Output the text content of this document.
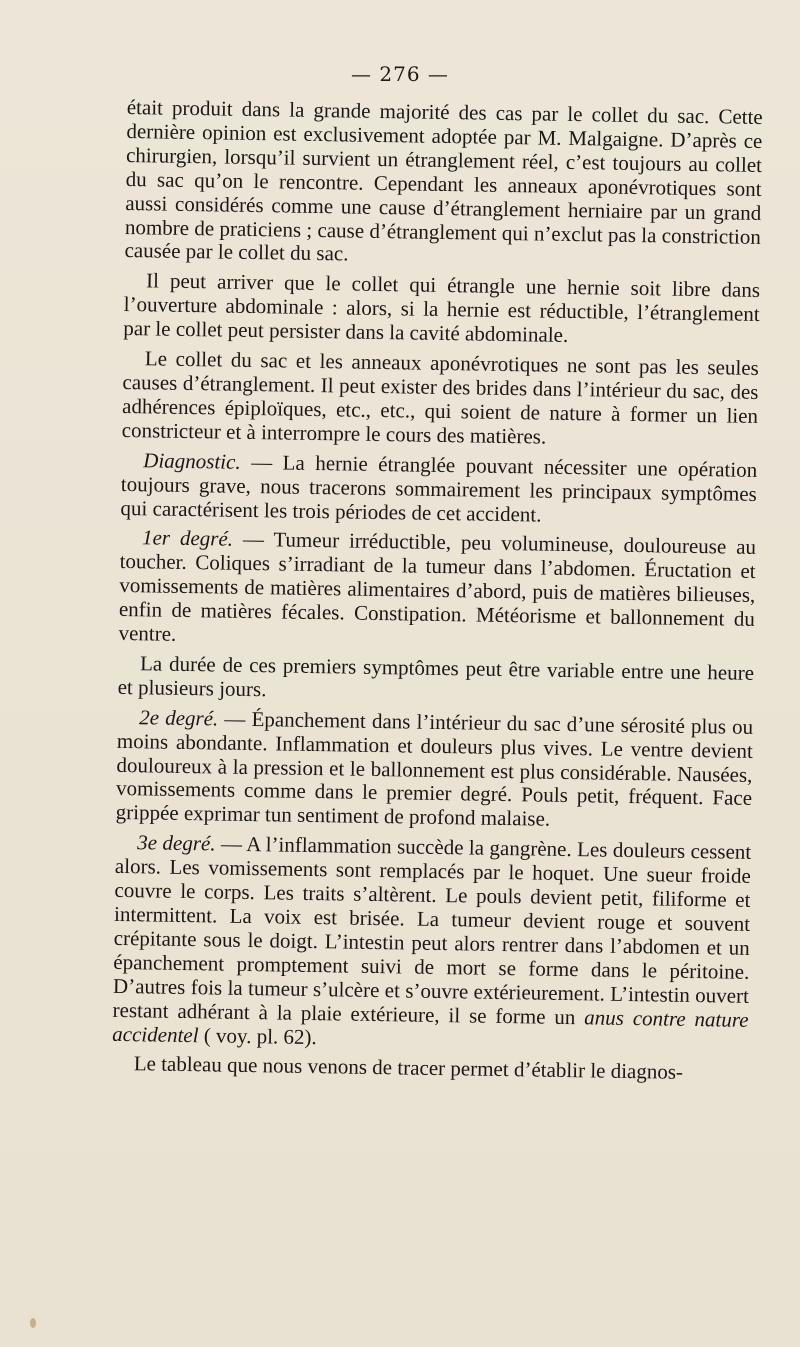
— 276 —

était produit dans la grande majorité des cas par le collet du sac. Cette dernière opinion est exclusivement adoptée par M. Malgaigne. D’après ce chirurgien, lorsqu’il survient un étranglement réel, c’est toujours au collet du sac qu’on le rencontre. Cependant les anneaux aponévrotiques sont aussi considérés comme une cause d’étranglement herniaire par un grand nombre de praticiens ; cause d’étranglement qui n’exclut pas la constriction causée par le collet du sac.

Il peut arriver que le collet qui étrangle une hernie soit libre dans l’ouverture abdominale : alors, si la hernie est réductible, l’étranglement par le collet peut persister dans la cavité abdominale.

Le collet du sac et les anneaux aponévrotiques ne sont pas les seules causes d’étranglement. Il peut exister des brides dans l’intérieur du sac, des adhérences épiploïques, etc., etc., qui soient de nature à former un lien constricteur et à interrompre le cours des matières.

Diagnostic. — La hernie étranglée pouvant nécessiter une opération toujours grave, nous tracerons sommairement les principaux symptômes qui caractérisent les trois périodes de cet accident.

1er degré. — Tumeur irréductible, peu volumineuse, douloureuse au toucher. Coliques s’irradiant de la tumeur dans l’abdomen. Éructation et vomissements de matières alimentaires d’abord, puis de matières bilieuses, enfin de matières fécales. Constipation. Météorisme et ballonnement du ventre.

La durée de ces premiers symptômes peut être variable entre une heure et plusieurs jours.

2e degré. — Épanchement dans l’intérieur du sac d’une sérosité plus ou moins abondante. Inflammation et douleurs plus vives. Le ventre devient douloureux à la pression et le ballonnement est plus considérable. Nausées, vomissements comme dans le premier degré. Pouls petit, fréquent. Face grippée exprimar tun sentiment de profond malaise.

3e degré. — A l’inflammation succède la gangrène. Les douleurs cessent alors. Les vomissements sont remplacés par le hoquet. Une sueur froide couvre le corps. Les traits s’altèrent. Le pouls devient petit, filiforme et intermittent. La voix est brisée. La tumeur devient rouge et souvent crépitante sous le doigt. L’intestin peut alors rentrer dans l’abdomen et un épanchement promptement suivi de mort se forme dans le péritoine. D’autres fois la tumeur s’ulcère et s’ouvre extérieurement. L’intestin ouvert restant adhérant à la plaie extérieure, il se forme un anus contre nature accidentel ( voy. pl. 62).

Le tableau que nous venons de tracer permet d’établir le diagnos-
